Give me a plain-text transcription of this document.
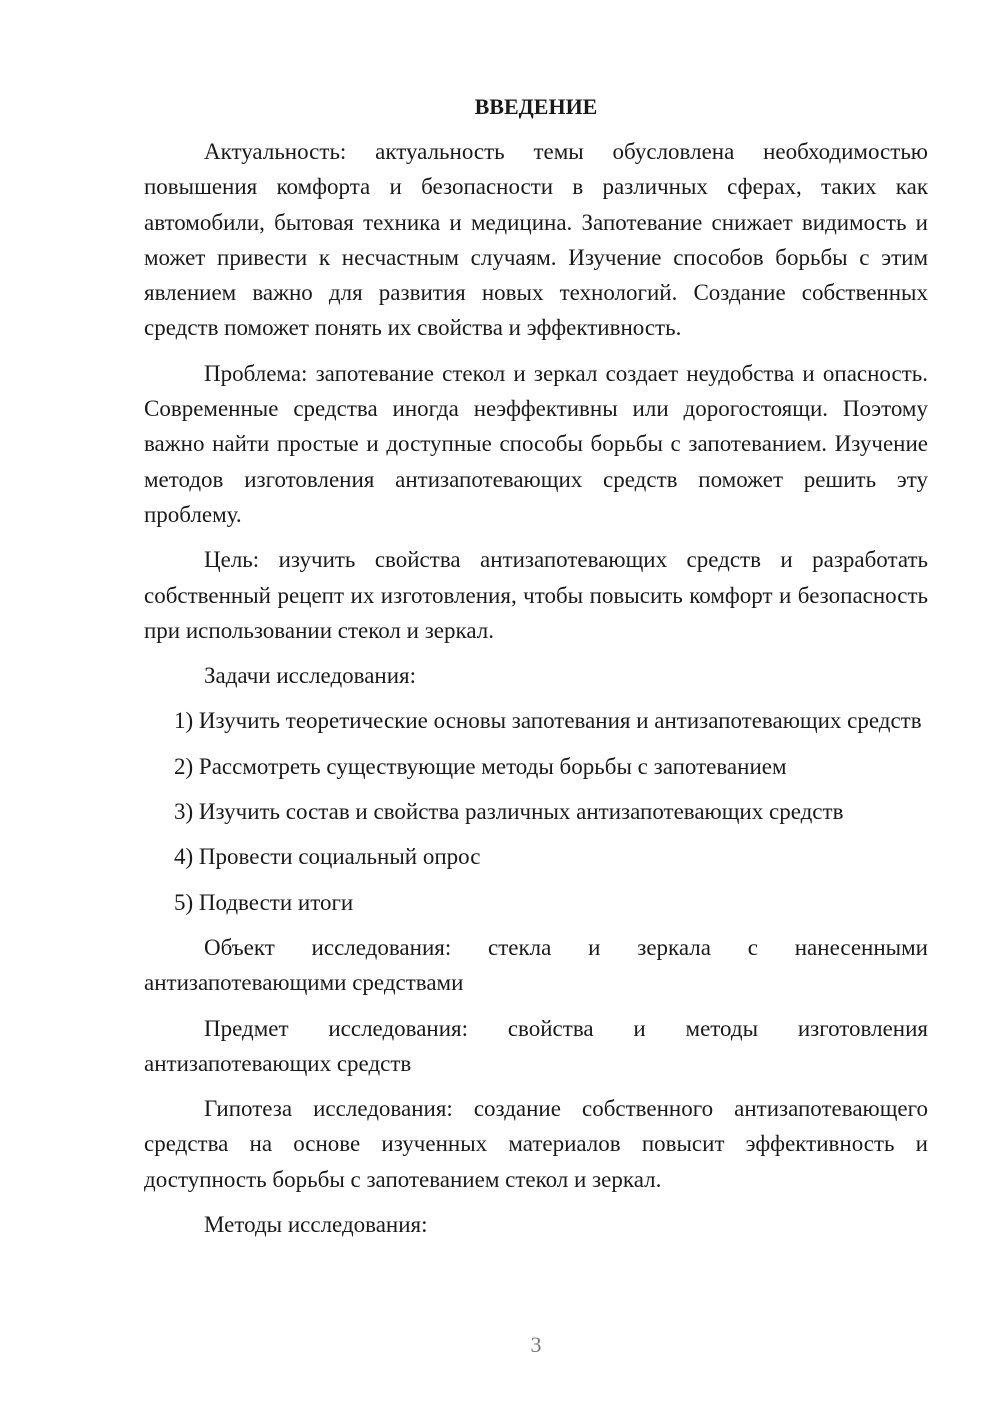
ВВЕДЕНИЕ

Актуальность: актуальность темы обусловлена необходимостью повышения комфорта и безопасности в различных сферах, таких как автомобили, бытовая техника и медицина. Запотевание снижает видимость и может привести к несчастным случаям. Изучение способов борьбы с этим явлением важно для развития новых технологий. Создание собственных средств поможет понять их свойства и эффективность.

Проблема: запотевание стекол и зеркал создает неудобства и опасность. Современные средства иногда неэффективны или дорогостоящи. Поэтому важно найти простые и доступные способы борьбы с запотеванием. Изучение методов изготовления антизапотевающих средств поможет решить эту проблему.

Цель: изучить свойства антизапотевающих средств и разработать собственный рецепт их изготовления, чтобы повысить комфорт и безопасность при использовании стекол и зеркал.

Задачи исследования:

1) Изучить теоретические основы запотевания и антизапотевающих средств

2) Рассмотреть существующие методы борьбы с запотеванием

3) Изучить состав и свойства различных антизапотевающих средств

4) Провести социальный опрос

5) Подвести итоги

Объект исследования: стекла и зеркала с нанесенными антизапотевающими средствами

Предмет исследования: свойства и методы изготовления антизапотевающих средств

Гипотеза исследования: создание собственного антизапотевающего средства на основе изученных материалов повысит эффективность и доступность борьбы с запотеванием стекол и зеркал.

Методы исследования:

3
